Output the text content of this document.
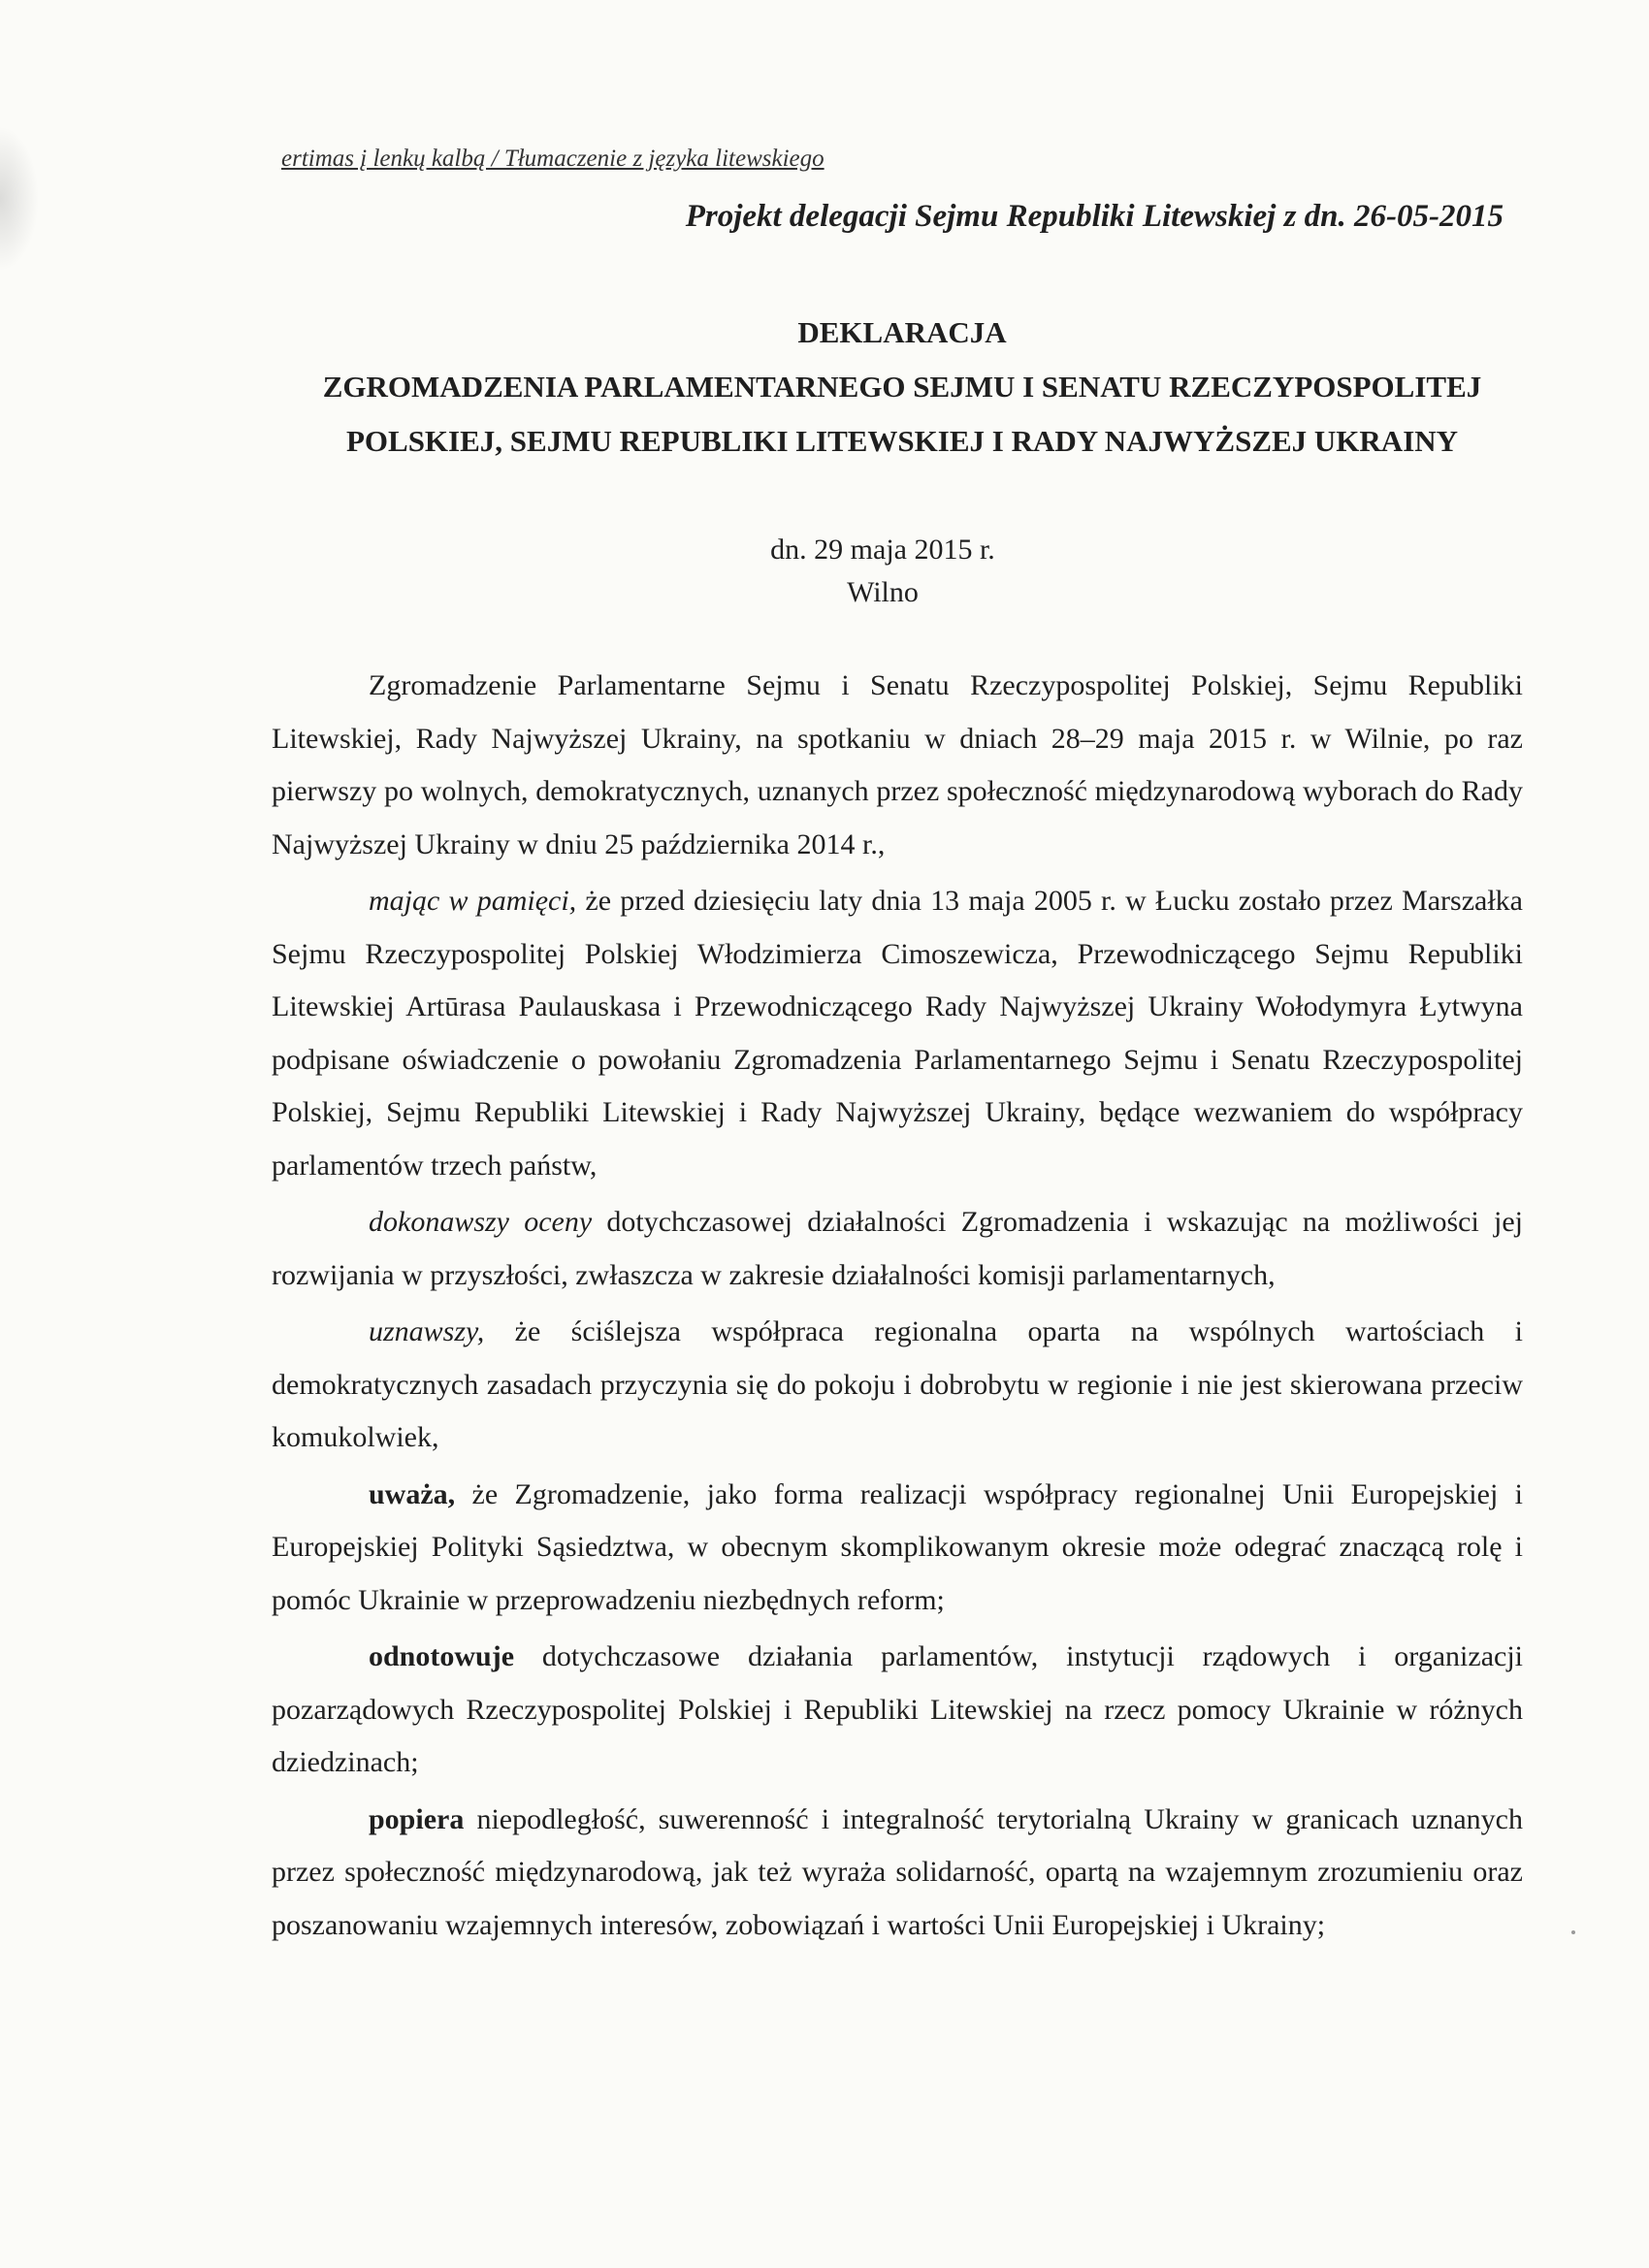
ertimas į lenkų kalbą / Tłumaczenie z języka litewskiego
Projekt delegacji Sejmu Republiki Litewskiej z dn. 26-05-2015
DEKLARACJA
ZGROMADZENIA PARLAMENTARNEGO SEJMU I SENATU RZECZYPOSPOLITEJ
POLSKIEJ, SEJMU REPUBLIKI LITEWSKIEJ I RADY NAJWYŻSZEJ UKRAINY
dn. 29 maja 2015 r.
Wilno

Zgromadzenie Parlamentarne Sejmu i Senatu Rzeczypospolitej Polskiej, Sejmu Republiki Litewskiej, Rady Najwyższej Ukrainy, na spotkaniu w dniach 28–29 maja 2015 r. w Wilnie, po raz pierwszy po wolnych, demokratycznych, uznanych przez społeczność międzynarodową wyborach do Rady Najwyższej Ukrainy w dniu 25 października 2014 r.,

mając w pamięci, że przed dziesięciu laty dnia 13 maja 2005 r. w Łucku zostało przez Marszałka Sejmu Rzeczypospolitej Polskiej Włodzimierza Cimoszewicza, Przewodniczącego Sejmu Republiki Litewskiej Artūrasa Paulauskasa i Przewodniczącego Rady Najwyższej Ukrainy Wołodymyra Łytwyna podpisane oświadczenie o powołaniu Zgromadzenia Parlamentarnego Sejmu i Senatu Rzeczypospolitej Polskiej, Sejmu Republiki Litewskiej i Rady Najwyższej Ukrainy, będące wezwaniem do współpracy parlamentów trzech państw,

dokonawszy oceny dotychczasowej działalności Zgromadzenia i wskazując na możliwości jej rozwijania w przyszłości, zwłaszcza w zakresie działalności komisji parlamentarnych,

uznawszy, że ściślejsza współpraca regionalna oparta na wspólnych wartościach i demokratycznych zasadach przyczynia się do pokoju i dobrobytu w regionie i nie jest skierowana przeciw komukolwiek,

uważa, że Zgromadzenie, jako forma realizacji współpracy regionalnej Unii Europejskiej i Europejskiej Polityki Sąsiedztwa, w obecnym skomplikowanym okresie może odegrać znaczącą rolę i pomóc Ukrainie w przeprowadzeniu niezbędnych reform;

odnotowuje dotychczasowe działania parlamentów, instytucji rządowych i organizacji pozarządowych Rzeczypospolitej Polskiej i Republiki Litewskiej na rzecz pomocy Ukrainie w różnych dziedzinach;

popiera niepodległość, suwerenność i integralność terytorialną Ukrainy w granicach uznanych przez społeczność międzynarodową, jak też wyraża solidarność, opartą na wzajemnym zrozumieniu oraz poszanowaniu wzajemnych interesów, zobowiązań i wartości Unii Europejskiej i Ukrainy;
